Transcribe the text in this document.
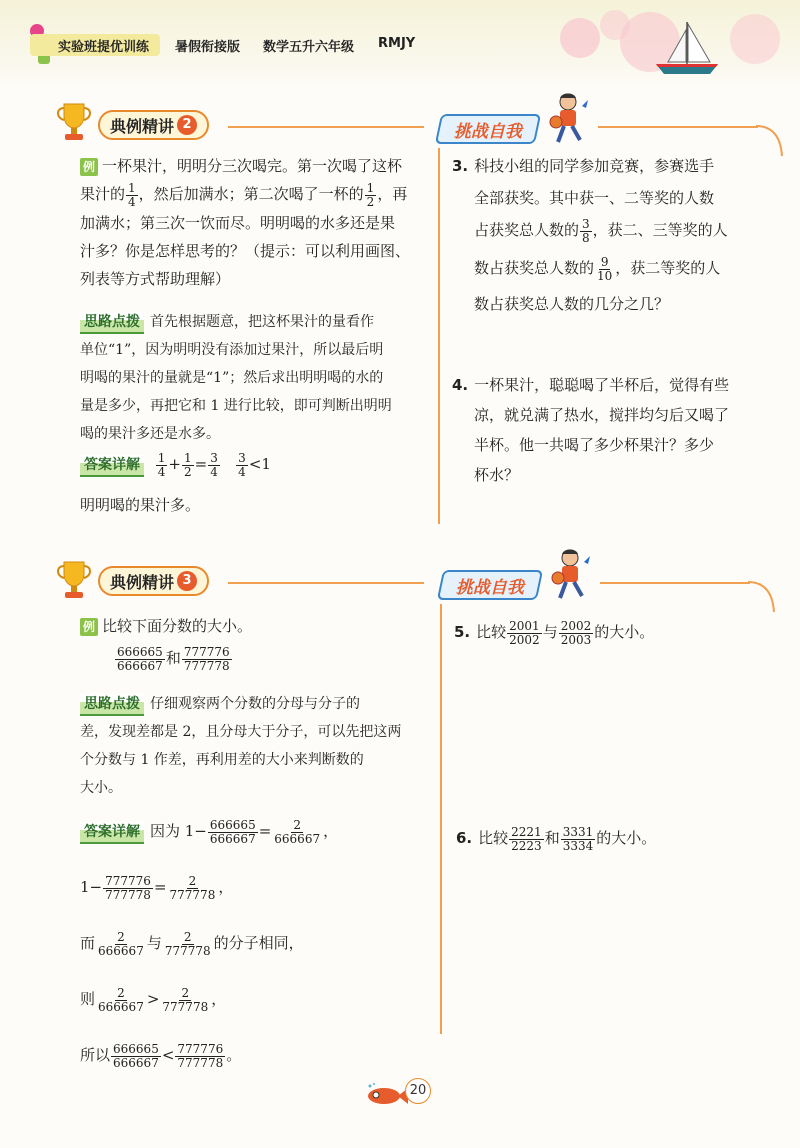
实验班提优训练 暑假衔接版 数学五升六年级 RMJY
典例精讲 2	挑战自我
例 一杯果汁，明明分三次喝完。第一次喝了这杯
果汁的 $\frac{1}{4}$ ，然后加满水；第二次喝了一杯的 $\frac{1}{2}$ ，再
加满水；第三次一饮而尽。明明喝的水多还是果
汁多？你是怎样思考的？（提示：可以利用画图、
列表等方式帮助理解）
思路点拨 首先根据题意，把这杯果汁的量看作
单位“1”，因为明明没有添加过果汁，所以最后明
明喝的果汁的量就是“1”；然后求出明明喝的水的
量是多少，再把它和 1 进行比较，即可判断出明明
喝的果汁多还是水多。
答案详解 $\frac{1}{4} + \frac{1}{2} = \frac{3}{4}$
$\frac{3}{4} <1$
明明喝的果汁多。
3. 科技小组的同学参加竞赛，参赛选手
全部获奖。其中获一、二等奖的人数
占获奖总人数的 $\frac{3}{8}$ ，获二、三等奖的人
数占获奖总人数的 $\frac{9}{10}$ ，获二等奖的人
数占获奖总人数的几分之几？
4. 一杯果汁，聪聪喝了半杯后，觉得有些
凉，就兑满了热水，搅拌均匀后又喝了
半杯。他一共喝了多少杯果汁？多少
杯水？
典例精讲 3	挑战自我
例 比较下面分数的大小。
$\frac{666665}{666667}$ 和 $\frac{777776}{777778}$
思路点拨 仔细观察两个分数的分母与分子的
差，发现差都是 2，且分母大于分子，可以先把这两
个分数与 1 作差，再利用差的大小来判断数的
大小。
答案详解 因为 $1- \frac{666665}{666667} = \frac{2}{666667}$ ，
$1- \frac{777776}{777778} = \frac{2}{777778}$ ，
而 $\frac{2}{666667}$ 与 $\frac{2}{777778}$ 的分子相同，
则 $\frac{2}{666667} > \frac{2}{777778}$ ，
所以 $\frac{666665}{666667} < \frac{777776}{777778}$ 。
5. 比较 $\frac{2001}{2002}$ 与 $\frac{2002}{2003}$ 的大小。
6. 比较 $\frac{2221}{2223}$ 和 $\frac{3331}{3334}$ 的大小。
20
